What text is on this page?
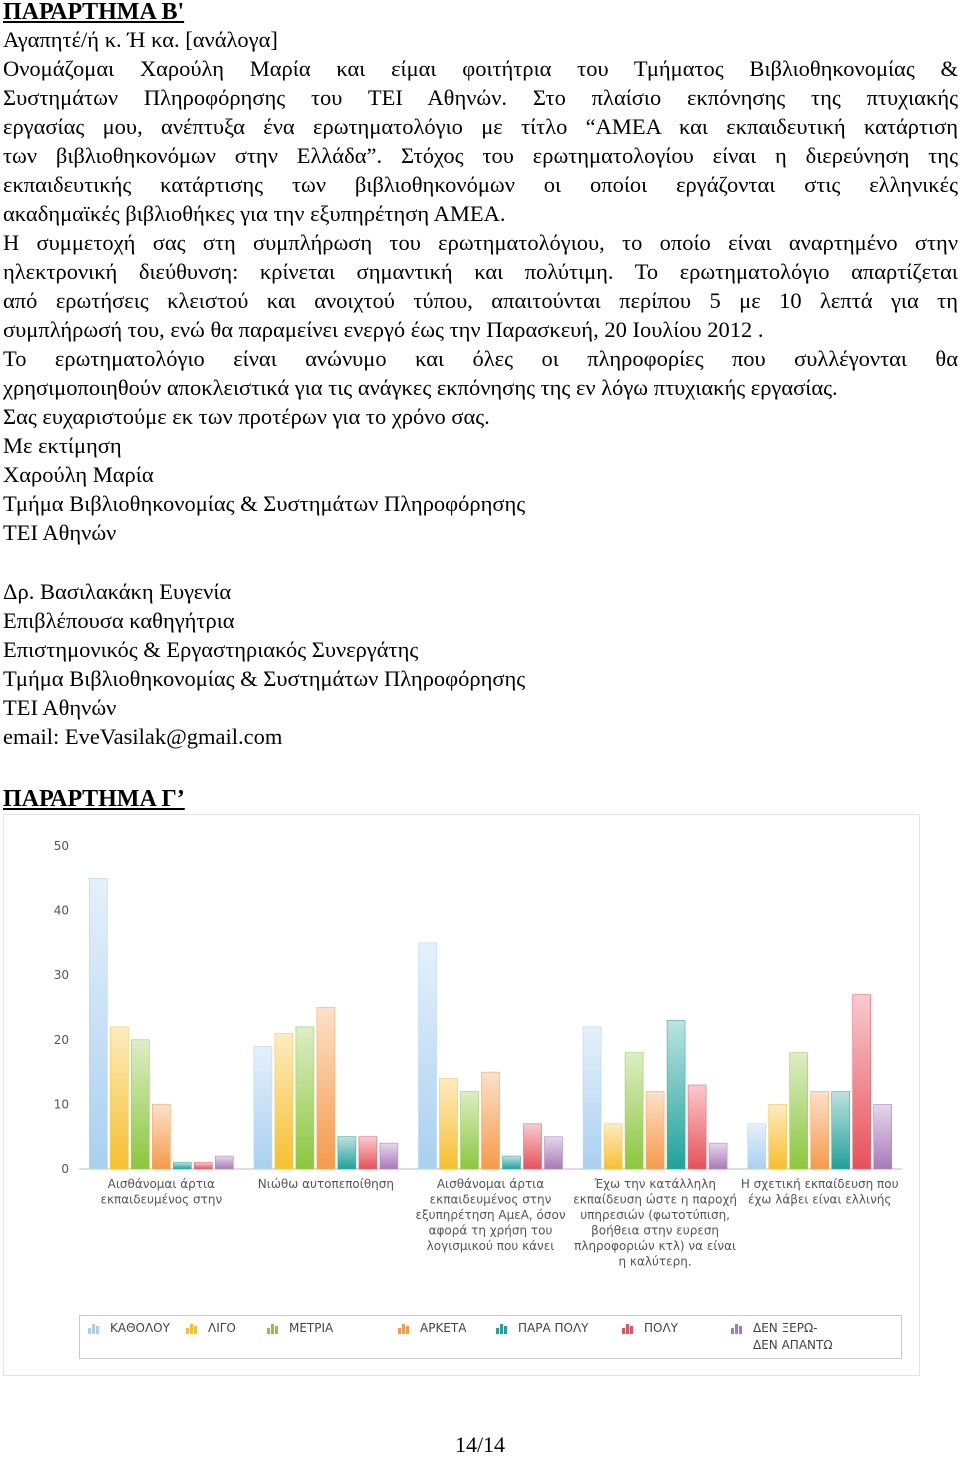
ΠΑΡΑΡΤΗΜΑ Β'
Αγαπητέ/ή κ. Ή κα. [ανάλογα]
Ονομάζομαι Χαρούλη Μαρία και είμαι φοιτήτρια του Τμήματος Βιβλιοθηκονομίας &
Συστημάτων Πληροφόρησης του ΤΕΙ Αθηνών. Στο πλαίσιο εκπόνησης της πτυχιακής
εργασίας μου, ανέπτυξα ένα ερωτηματολόγιο με τίτλο “ΑΜΕΑ και εκπαιδευτική κατάρτιση
των βιβλιοθηκονόμων στην Ελλάδα”. Στόχος του ερωτηματολογίου είναι η διερεύνηση της
εκπαιδευτικής κατάρτισης των βιβλιοθηκονόμων οι οποίοι εργάζονται στις ελληνικές
ακαδημαϊκές βιβλιοθήκες για την εξυπηρέτηση ΑΜΕΑ.
Η συμμετοχή σας στη συμπλήρωση του ερωτηματολόγιου, το οποίο είναι αναρτημένο στην
ηλεκτρονική διεύθυνση: κρίνεται σημαντική και πολύτιμη. Το ερωτηματολόγιο απαρτίζεται
από ερωτήσεις κλειστού και ανοιχτού τύπου, απαιτούνται περίπου 5 με 10 λεπτά για τη
συμπλήρωσή του, ενώ θα παραμείνει ενεργό έως την Παρασκευή, 20 Ιουλίου 2012 .
Το ερωτηματολόγιο είναι ανώνυμο και όλες οι πληροφορίες που συλλέγονται θα
χρησιμοποιηθούν αποκλειστικά για τις ανάγκες εκπόνησης της εν λόγω πτυχιακής εργασίας.
Σας ευχαριστούμε εκ των προτέρων για το χρόνο σας.
Με εκτίμηση
Χαρούλη Μαρία
Τμήμα Βιβλιοθηκονομίας & Συστημάτων Πληροφόρησης
ΤΕΙ Αθηνών
Δρ. Βασιλακάκη Ευγενία
Επιβλέπουσα καθηγήτρια
Επιστημονικός & Εργαστηριακός Συνεργάτης
Τμήμα Βιβλιοθηκονομίας & Συστημάτων Πληροφόρησης
ΤΕΙ Αθηνών
email: EveVasilak@gmail.com
ΠΑΡΑΡΤΗΜΑ Γ’
0
10
20
30
40
50
Αισθάνομαι άρτια εκπαιδευμένος στην
Νιώθω αυτοπεποίθηση	Αισθάνομαι άρτια εκπαιδευμένος στην εξυπηρέτηση ΑμεΑ, όσον αφορά τη χρήση του λογισμικού που κάνει
Έχω την κατάλληλη εκπαίδευση ώστε η παροχή υπηρεσιών (φωτοτύπιση, βοήθεια στην ευρεση πληροφοριών κτλ) να είναι η καλύτερη.
Η σχετική εκπαίδευση που έχω λάβει είναι ελλινής
ΚΑΘΟΛΟΥ	ΛΙΓΟ	ΜΕΤΡΙΑ	ΑΡΚΕΤΑ	ΠΑΡΑ ΠΟΛΥ	ΠΟΛΥ	ΔΕΝ ΞΕΡΩ-
ΔΕΝ ΑΠΑΝΤΩ
14/14
